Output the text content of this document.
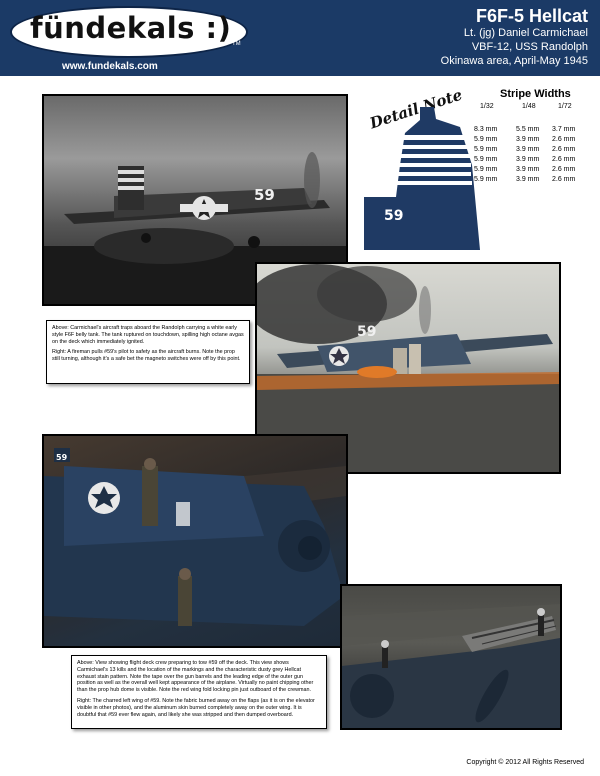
fündekals :) TM
www.fundekals.com
F6F-5 Hellcat
Lt. (jg) Daniel Carmichael
VBF-12, USS Randolph
Okinawa area, April-May 1945
59
Detail Note
59
Stripe Widths
1/32	1/48	1/72
8.3 mm	5.5 mm 3.7 mm
5.9 mm	3.9 mm 2.6 mm
5.9 mm	3.9 mm 2.6 mm
5.9 mm	3.9 mm 2.6 mm
5.9 mm	3.9 mm 2.6 mm
5.9 mm	3.9 mm 2.6 mm
59

Above: Carmichael's aircraft traps aboard the Randolph carrying a white early style F6F belly tank. The tank ruptured on touchdown, spilling high octane avgas on the deck which immediately ignited.

Right: A fireman pulls #59's pilot to safety as the aircraft burns. Note the prop still turning, although it's a safe bet the magneto switches were off by this point.

59

Above: View showing flight deck crew preparing to tow #59 off the deck. This view shows Carmichael's 13 kills and the location of the markings and the characteristic dusty grey Hellcat exhaust stain pattern. Note the tape over the gun barrels and the leading edge of the outer gun position as well as the overall well kept appearance of the airplane. Virtually no paint chipping other than the prop hub dome is visible. Note the red wing fold locking pin just outboard of the crewman.

Right: The charred left wing of #59. Note the fabric burned away on the flaps (as it is on the elevator visible in other photos), and the aluminum skin burned completely away on the outer wing. It is doubtful that #59 ever flew again, and likely she was stripped and then dumped overboard.

Copyright © 2012 All Rights Reserved
